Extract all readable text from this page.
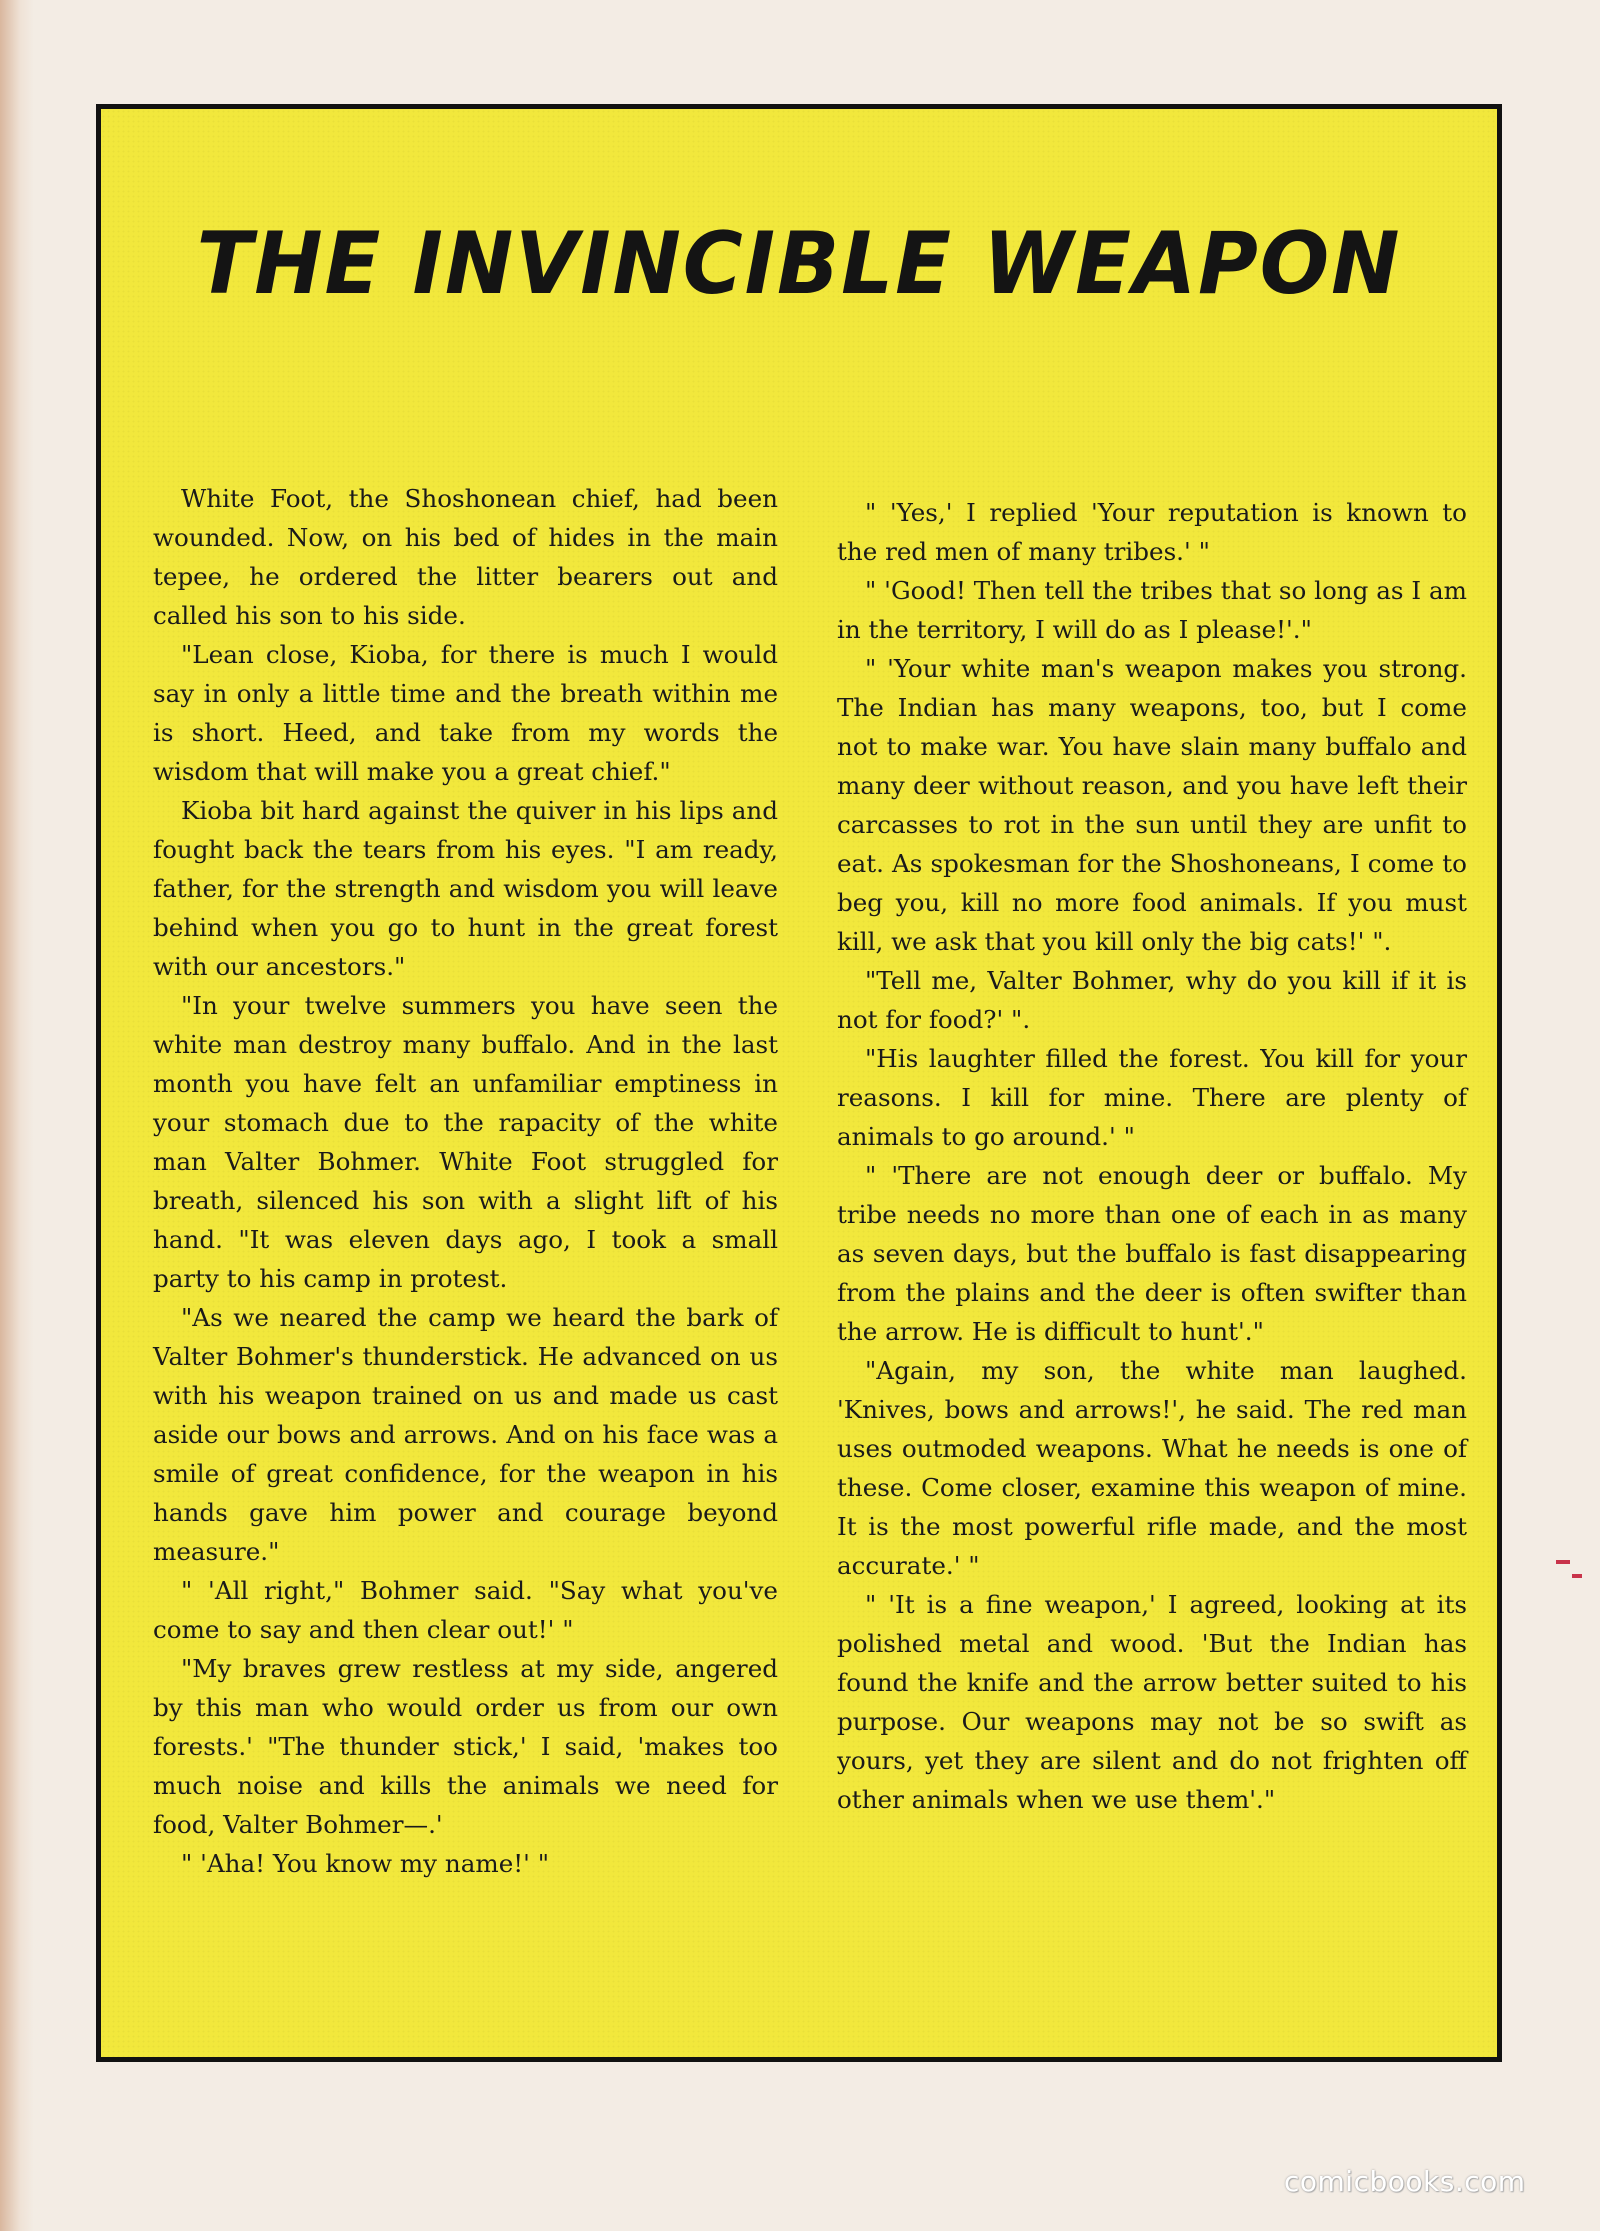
THE INVINCIBLE WEAPON

White Foot, the Shoshonean chief, had been wounded. Now, on his bed of hides in the main tepee, he ordered the litter bearers out and called his son to his side.

"Lean close, Kioba, for there is much I would say in only a little time and the breath within me is short. Heed, and take from my words the wisdom that will make you a great chief."

Kioba bit hard against the quiver in his lips and fought back the tears from his eyes. "I am ready, father, for the strength and wisdom you will leave behind when you go to hunt in the great forest with our ancestors."

"In your twelve summers you have seen the white man destroy many buffalo. And in the last month you have felt an unfamiliar emptiness in your stomach due to the rapacity of the white man Valter Bohmer. White Foot struggled for breath, silenced his son with a slight lift of his hand. "It was eleven days ago, I took a small party to his camp in protest.

"As we neared the camp we heard the bark of Valter Bohmer's thunderstick. He advanced on us with his weapon trained on us and made us cast aside our bows and arrows. And on his face was a smile of great confidence, for the weapon in his hands gave him power and courage beyond measure."

" 'All right," Bohmer said. "Say what you've come to say and then clear out!' "

"My braves grew restless at my side, angered by this man who would order us from our own forests.' "The thunder stick,' I said, 'makes too much noise and kills the animals we need for food, Valter Bohmer—.'

" 'Aha! You know my name!' "

" 'Yes,' I replied 'Your reputation is known to the red men of many tribes.' "

" 'Good! Then tell the tribes that so long as I am in the territory, I will do as I please!'."

" 'Your white man's weapon makes you strong. The Indian has many weapons, too, but I come not to make war. You have slain many buffalo and many deer without reason, and you have left their carcasses to rot in the sun until they are unfit to eat. As spokesman for the Shoshoneans, I come to beg you, kill no more food animals. If you must kill, we ask that you kill only the big cats!' ".

"Tell me, Valter Bohmer, why do you kill if it is not for food?' ".

"His laughter filled the forest. You kill for your reasons. I kill for mine. There are plenty of animals to go around.' "

" 'There are not enough deer or buffalo. My tribe needs no more than one of each in as many as seven days, but the buffalo is fast disappearing from the plains and the deer is often swifter than the arrow. He is difficult to hunt'."

"Again, my son, the white man laughed. 'Knives, bows and arrows!', he said. The red man uses outmoded weapons. What he needs is one of these. Come closer, examine this weapon of mine. It is the most powerful rifle made, and the most accurate.' "

" 'It is a fine weapon,' I agreed, looking at its polished metal and wood. 'But the Indian has found the knife and the arrow better suited to his purpose. Our weapons may not be so swift as yours, yet they are silent and do not frighten off other animals when we use them'."

comicbooks.com
